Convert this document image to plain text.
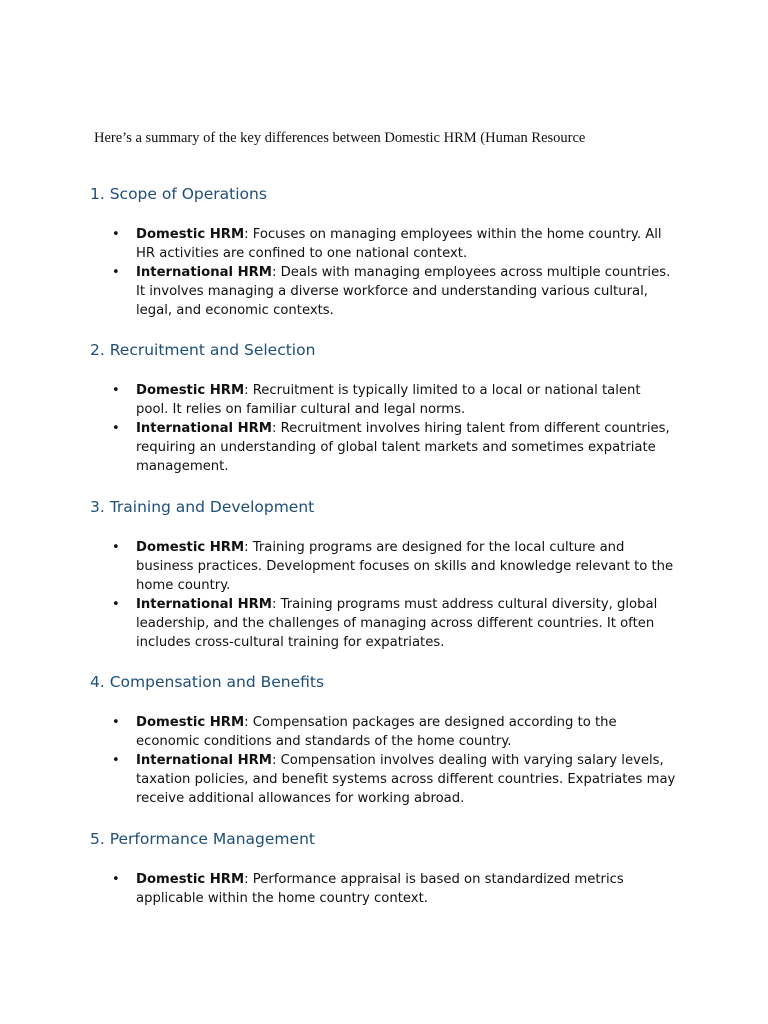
Here’s a summary of the key differences between Domestic HRM (Human Resource
1. Scope of Operations
• Domestic HRM: Focuses on managing employees within the home country. All HR activities are confined to one national context.
• International HRM: Deals with managing employees across multiple countries. It involves managing a diverse workforce and understanding various cultural, legal, and economic contexts.
2. Recruitment and Selection
• Domestic HRM: Recruitment is typically limited to a local or national talent pool. It relies on familiar cultural and legal norms.
• International HRM: Recruitment involves hiring talent from different countries, requiring an understanding of global talent markets and sometimes expatriate management.
3. Training and Development
• Domestic HRM: Training programs are designed for the local culture and business practices. Development focuses on skills and knowledge relevant to the home country.
• International HRM: Training programs must address cultural diversity, global leadership, and the challenges of managing across different countries. It often includes cross-cultural training for expatriates.
4. Compensation and Benefits
• Domestic HRM: Compensation packages are designed according to the economic conditions and standards of the home country.
• International HRM: Compensation involves dealing with varying salary levels, taxation policies, and benefit systems across different countries. Expatriates may receive additional allowances for working abroad.
5. Performance Management
• Domestic HRM: Performance appraisal is based on standardized metrics applicable within the home country context.
